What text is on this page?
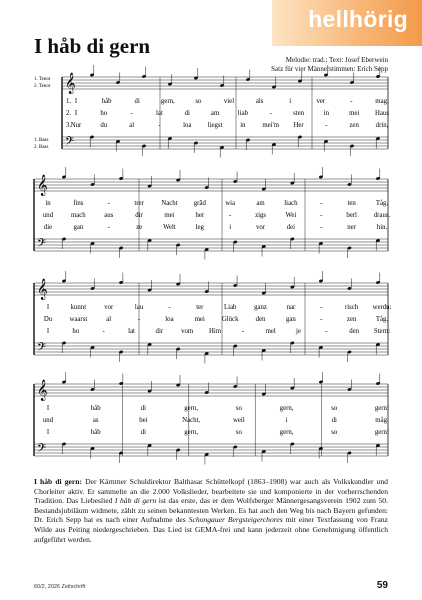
hellhörig
I håb di gern
Melodie: trad.; Text: Josef Eberwein
Satz für vier Männerstimmen: Erich Sepp
𝄞
𝄢
1. I	håb	di	gern,	so	viel	als	i	ver	-	mag,
2. I	ho	-	lat	di	am	liab	-	sten	in	mei Haus
3. Nur	du	al	-	loa liegst	in mei'm Her	-	zen drin,
𝄞
𝄢
in	fins	-	trer	Nacht grād	wia	am	liach	-	ten	Tåg.
und	mach	aus	dir	mei	her	-	zigs	Wei	-	berl draus.
die	gan	-	ze	Welt	leg	i	vor	dei	-	ner	hin.
𝄞
𝄢
I	kunnt	vor	lau	-	ter	Liab	ganz	nar	-	risch werdn:
Du	waarst	al	-	loa	mei Glück	den	gan	-	zen	Tåg.
I	ho	-	lat	dir	vom Him	-	mel	je	-	den Stern:
𝄞
𝄢
I	håb	di	gern,	so	gern,	so	gern!
und	as	bei	Nacht,	weil	i	di	måg.
I	håb	di	gern,	so	gern,	so	gern!
1. Tenor
2. Tenor
1. Bass
2. Bass

I håb di gern: Der Kärntner Schuldirektor Balthasar Schüttelkopf (1863–1908) war auch als Volkskundler und Chorleiter aktiv. Er sammelte an die 2.000 Volkslieder, bearbeitete sie und komponierte in der vorherrschenden Tradition. Das Liebeslied I håb di gern ist das erste, das er dem Wolfsberger Männergesangsverein 1902 zum 50. Bestandsjubiläum widmete, zählt zu seinen bekanntesten Werken. Es hat auch den Weg bis nach Bayern gefunden: Dr. Erich Sepp hat es nach einer Aufnahme des Schongauer Bergsteigerchores mit einer Textfassung von Franz Wilde aus Peiting niedergeschrieben. Das Lied ist GEMA-frei und kann jederzeit ohne Genehmigung öffentlich aufgeführt werden.

60/2, 2026 Zeitschrift	59
